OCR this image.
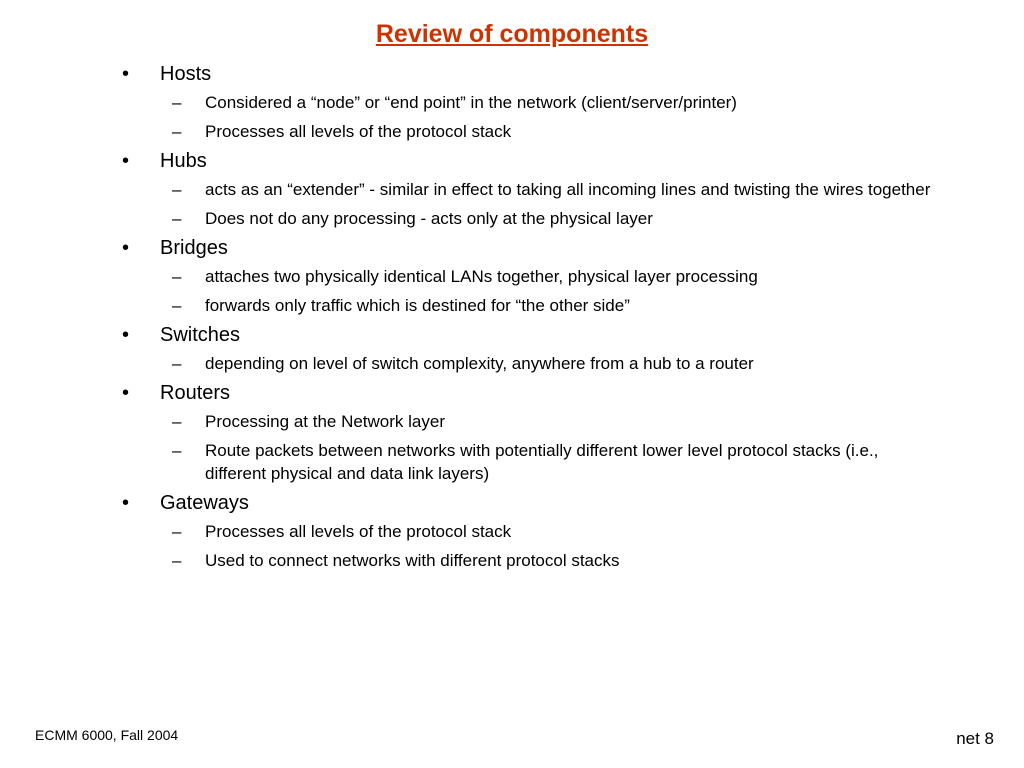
Review of components
•	Hosts
–	Considered a “node” or “end point” in the network (client/server/printer)
–	Processes all levels of the protocol stack
•	Hubs
–	acts as an “extender” - similar in effect to taking all incoming lines and twisting the wires together
–	Does not do any processing - acts only at the physical layer
•	Bridges
–	attaches two physically identical LANs together, physical layer processing
–	forwards only traffic which is destined for “the other side”
•	Switches
–	depending on level of switch complexity, anywhere from a hub to a router
•	Routers
–	Processing at the Network layer
–	Route packets between networks with potentially different lower level protocol stacks (i.e., different physical and data link layers)
•	Gateways
–	Processes all levels of the protocol stack
–	Used to connect networks with different protocol stacks
ECMM 6000, Fall 2004	net 8
